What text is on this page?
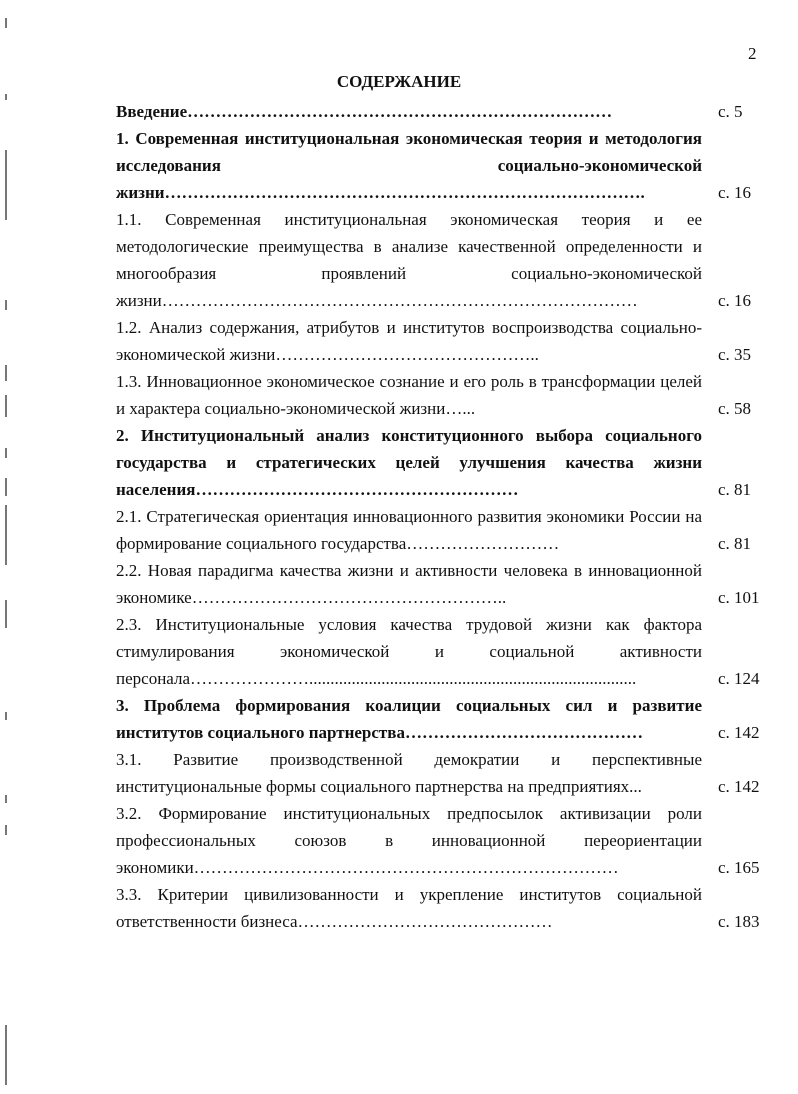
2
СОДЕРЖАНИЕ
Введение…………………………………………………………………	с. 5
1. Современная институциональная экономическая теория и методология исследования социально-экономической жизни………………………………………………………………………….	с. 16
1.1. Современная институциональная экономическая теория и ее методологические преимущества в анализе качественной определенности и многообразия проявлений социально-экономической жизни…………………………………………………………………………	с. 16
1.2. Анализ содержания, атрибутов и институтов воспроизводства социально-экономической жизни………………………………………..	с. 35
1.3. Инновационное экономическое сознание и его роль в трансформации целей и характера социально-экономической жизни…...	с. 58
2. Институциональный анализ конституционного выбора социального государства и стратегических целей улучшения качества жизни населения…………………………………………………	с. 81
2.1. Стратегическая ориентация инновационного развития экономики России на формирование социального государства………………………	с. 81
2.2. Новая парадигма качества жизни и активности человека в инновационной экономике………………………………………………..	с. 101
2.3. Институциональные условия качества трудовой жизни как фактора стимулирования экономической и социальной активности персонала………………….............................................................................	с. 124
3. Проблема формирования коалиции социальных сил и развитие институтов социального партнерства……………………………………	с. 142
3.1. Развитие производственной демократии и перспективные институциональные формы социального партнерства на предприятиях...	с. 142
3.2. Формирование институциональных предпосылок активизации роли профессиональных союзов в инновационной переориентации экономики…………………………………………………………………	с. 165
3.3. Критерии цивилизованности и укрепление институтов социальной ответственности бизнеса………………………………………	с. 183
